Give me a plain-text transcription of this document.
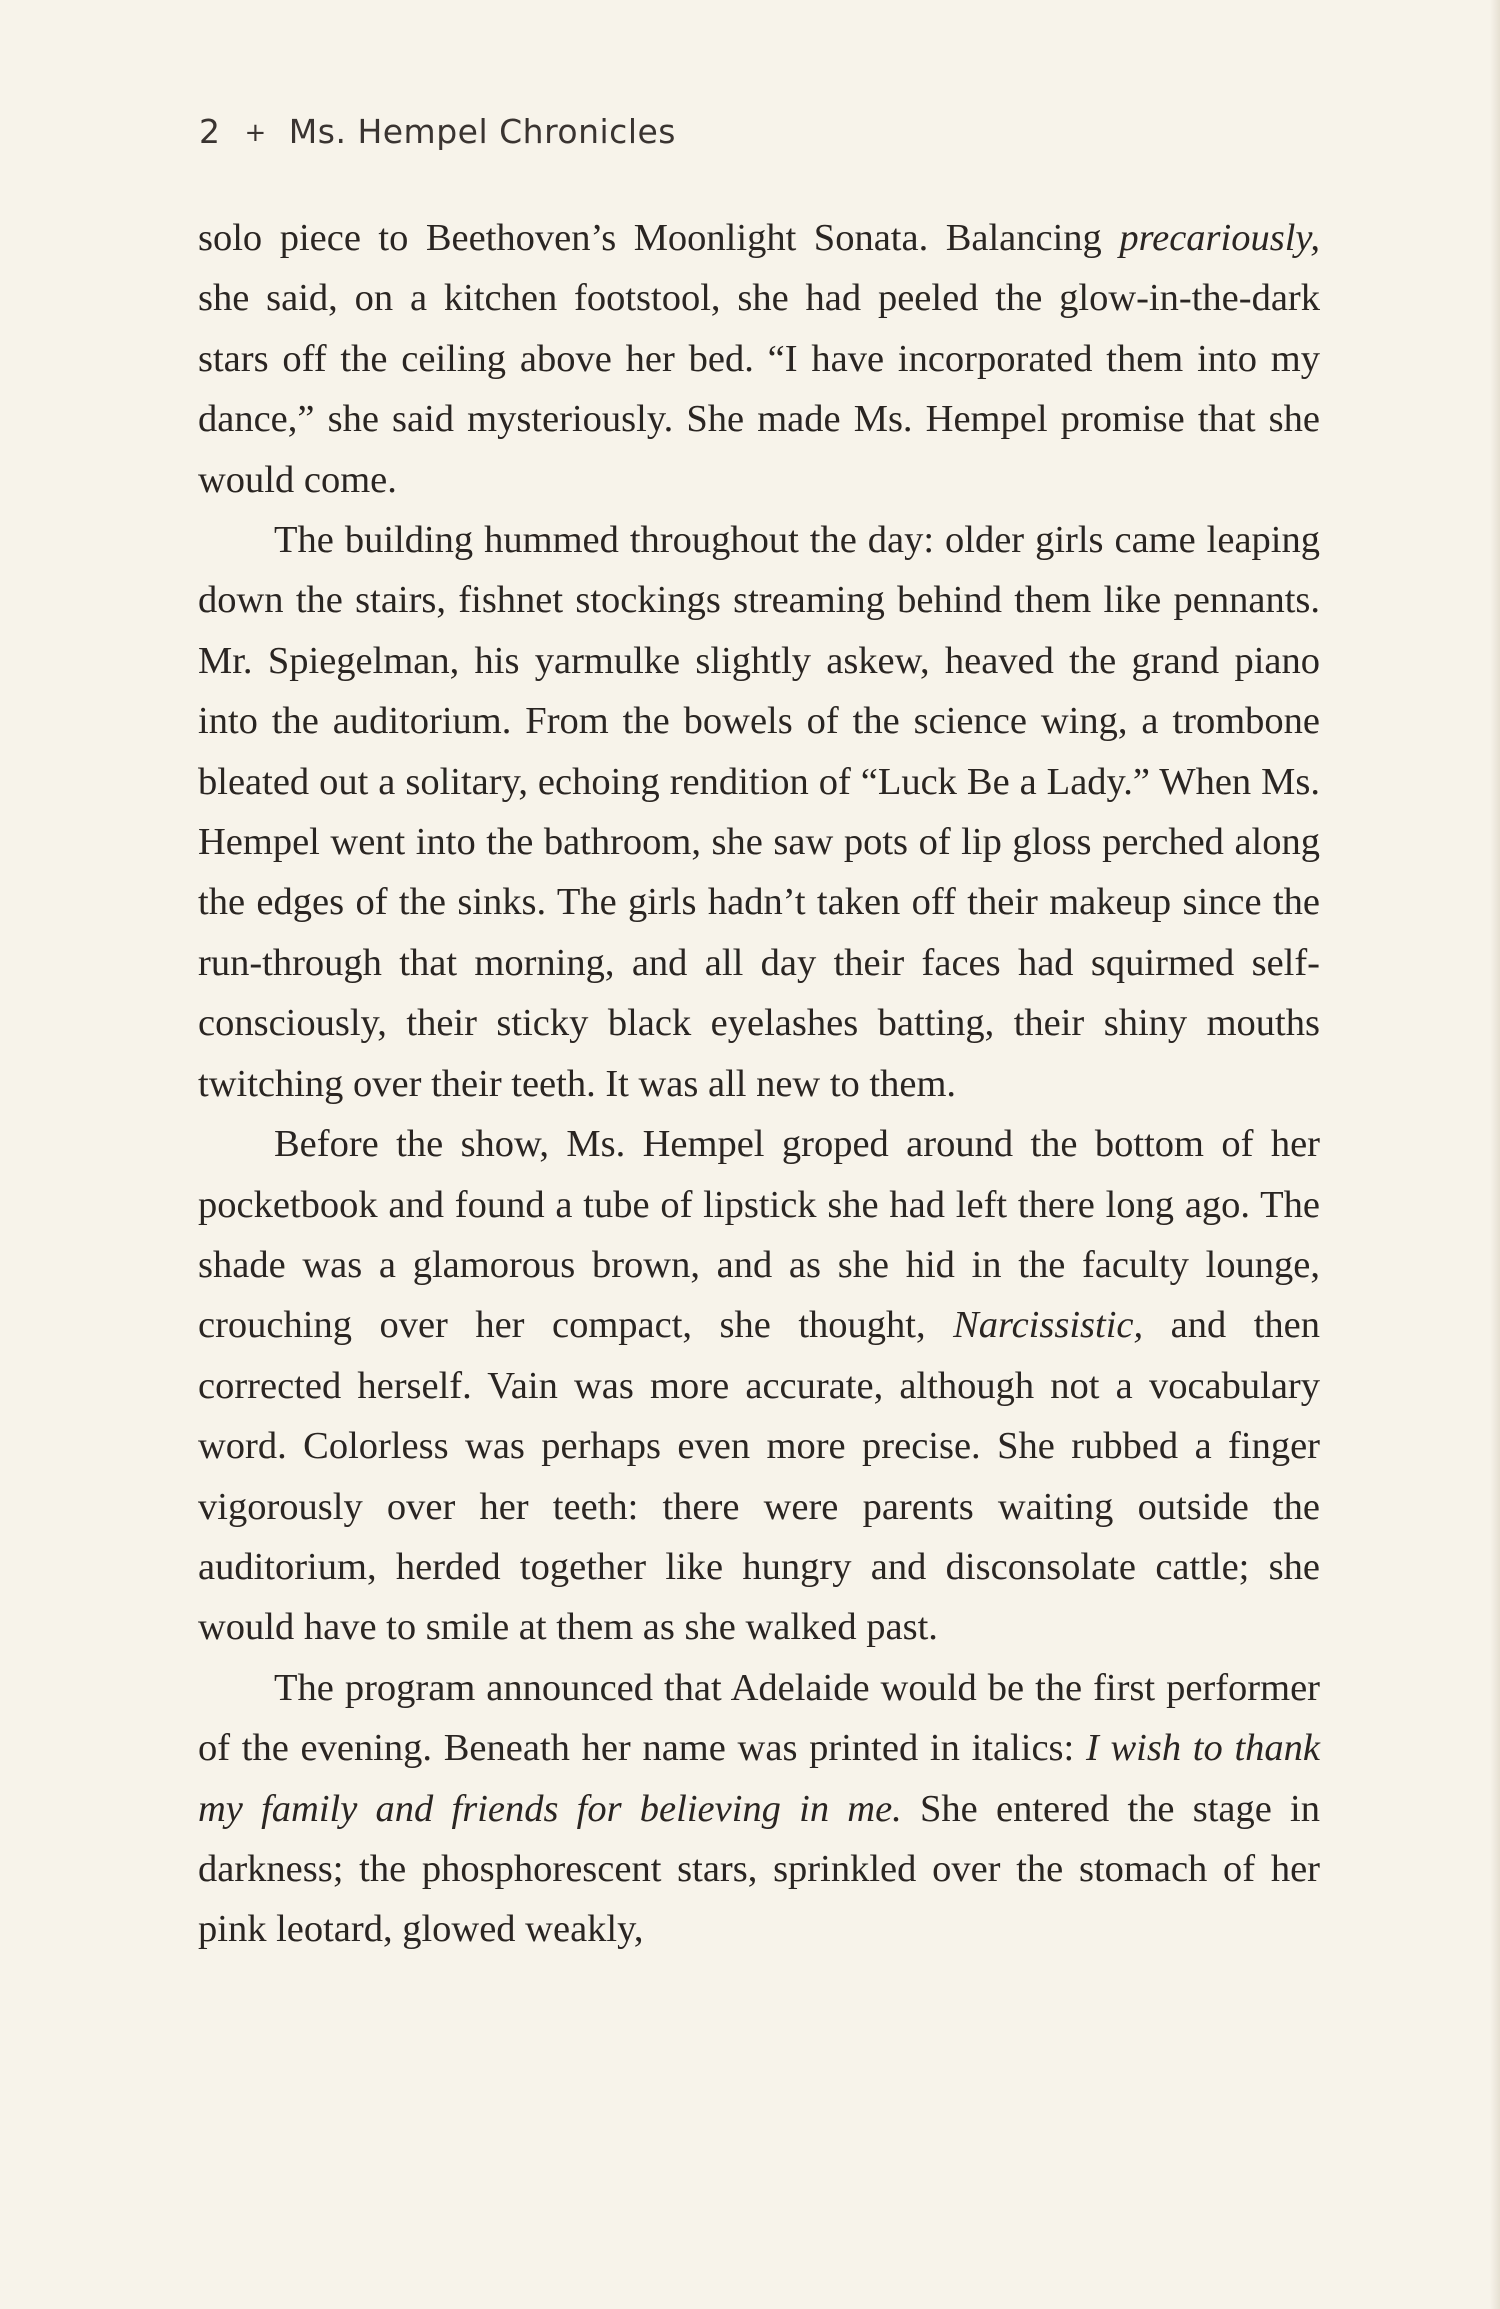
2 + Ms. Hempel Chronicles

solo piece to Beethoven’s Moonlight Sonata. Balancing precariously, she said, on a kitchen footstool, she had peeled the glow-in-the-dark stars off the ceiling above her bed. “I have incorporated them into my dance,” she said mysteriously. She made Ms. Hempel promise that she would come.

The building hummed throughout the day: older girls came leaping down the stairs, fishnet stockings streaming behind them like pennants. Mr. Spiegelman, his yarmulke slightly askew, heaved the grand piano into the auditorium. From the bowels of the science wing, a trombone bleated out a solitary, echoing rendition of “Luck Be a Lady.” When Ms. Hempel went into the bathroom, she saw pots of lip gloss perched along the edges of the sinks. The girls hadn’t taken off their makeup since the run-through that morning, and all day their faces had squirmed self-consciously, their sticky black eyelashes batting, their shiny mouths twitching over their teeth. It was all new to them.

Before the show, Ms. Hempel groped around the bottom of her pocketbook and found a tube of lipstick she had left there long ago. The shade was a glamorous brown, and as she hid in the faculty lounge, crouching over her compact, she thought, Narcissistic, and then corrected herself. Vain was more accurate, although not a vocabulary word. Colorless was perhaps even more precise. She rubbed a finger vigorously over her teeth: there were parents waiting outside the auditorium, herded together like hungry and disconsolate cattle; she would have to smile at them as she walked past.

The program announced that Adelaide would be the first performer of the evening. Beneath her name was printed in italics: I wish to thank my family and friends for believing in me. She entered the stage in darkness; the phosphorescent stars, sprinkled over the stomach of her pink leotard, glowed weakly,
